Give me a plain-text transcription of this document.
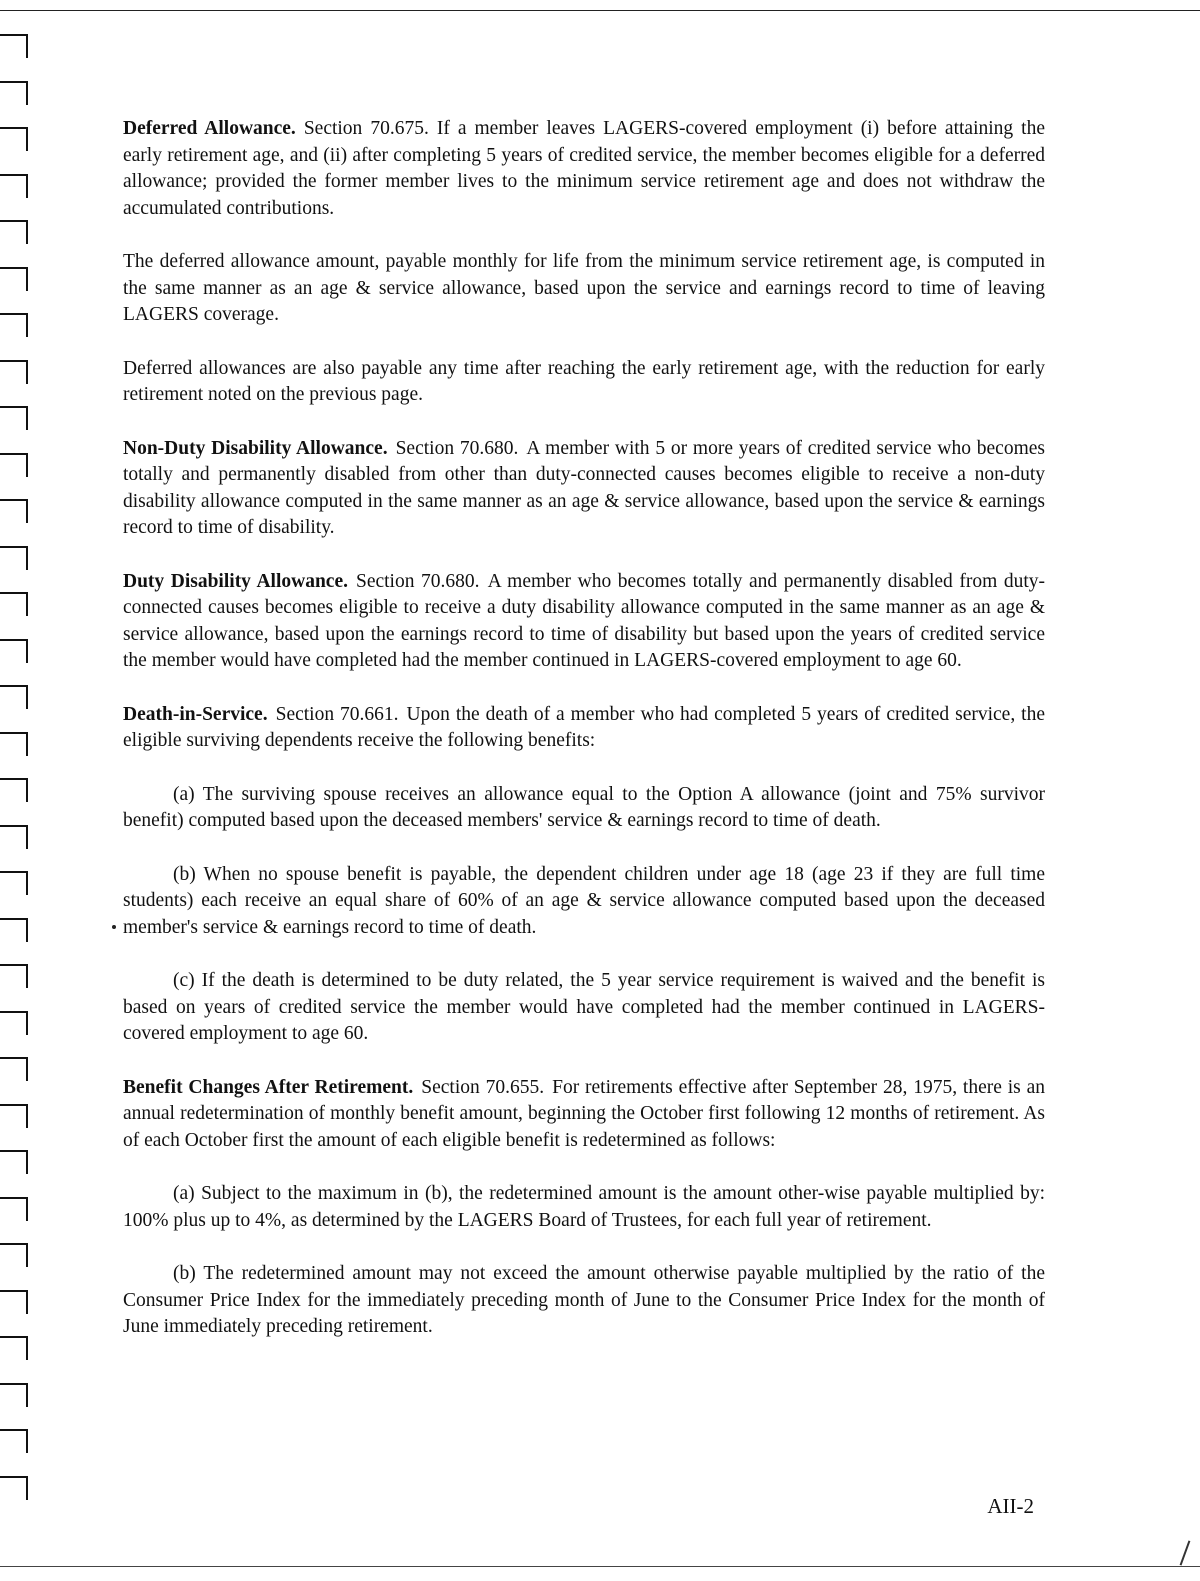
Deferred Allowance. Section 70.675. If a member leaves LAGERS-covered employment (i) before attaining the early retirement age, and (ii) after completing 5 years of credited service, the member becomes eligible for a deferred allowance; provided the former member lives to the minimum service retirement age and does not withdraw the accumulated contributions.

The deferred allowance amount, payable monthly for life from the minimum service retirement age, is computed in the same manner as an age & service allowance, based upon the service and earnings record to time of leaving LAGERS coverage.

Deferred allowances are also payable any time after reaching the early retirement age, with the reduction for early retirement noted on the previous page.

Non-Duty Disability Allowance. Section 70.680. A member with 5 or more years of credited service who becomes totally and permanently disabled from other than duty-connected causes becomes eligible to receive a non-duty disability allowance computed in the same manner as an age & service allowance, based upon the service & earnings record to time of disability.

Duty Disability Allowance. Section 70.680. A member who becomes totally and permanently disabled from duty-connected causes becomes eligible to receive a duty disability allowance computed in the same manner as an age & service allowance, based upon the earnings record to time of disability but based upon the years of credited service the member would have completed had the member continued in LAGERS-covered employment to age 60.

Death-in-Service. Section 70.661. Upon the death of a member who had completed 5 years of credited service, the eligible surviving dependents receive the following benefits:

(a) The surviving spouse receives an allowance equal to the Option A allowance (joint and 75% survivor benefit) computed based upon the deceased members' service & earnings record to time of death.

(b) When no spouse benefit is payable, the dependent children under age 18 (age 23 if they are full time students) each receive an equal share of 60% of an age & service allowance computed based upon the deceased member's service & earnings record to time of death.

(c) If the death is determined to be duty related, the 5 year service requirement is waived and the benefit is based on years of credited service the member would have completed had the member continued in LAGERS-covered employment to age 60.

Benefit Changes After Retirement. Section 70.655. For retirements effective after September 28, 1975, there is an annual redetermination of monthly benefit amount, beginning the October first following 12 months of retirement. As of each October first the amount of each eligible benefit is redetermined as follows:

(a) Subject to the maximum in (b), the redetermined amount is the amount other-wise payable multiplied by: 100% plus up to 4%, as determined by the LAGERS Board of Trustees, for each full year of retirement.

(b) The redetermined amount may not exceed the amount otherwise payable multiplied by the ratio of the Consumer Price Index for the immediately preceding month of June to the Consumer Price Index for the month of June immediately preceding retirement.

AII-2
